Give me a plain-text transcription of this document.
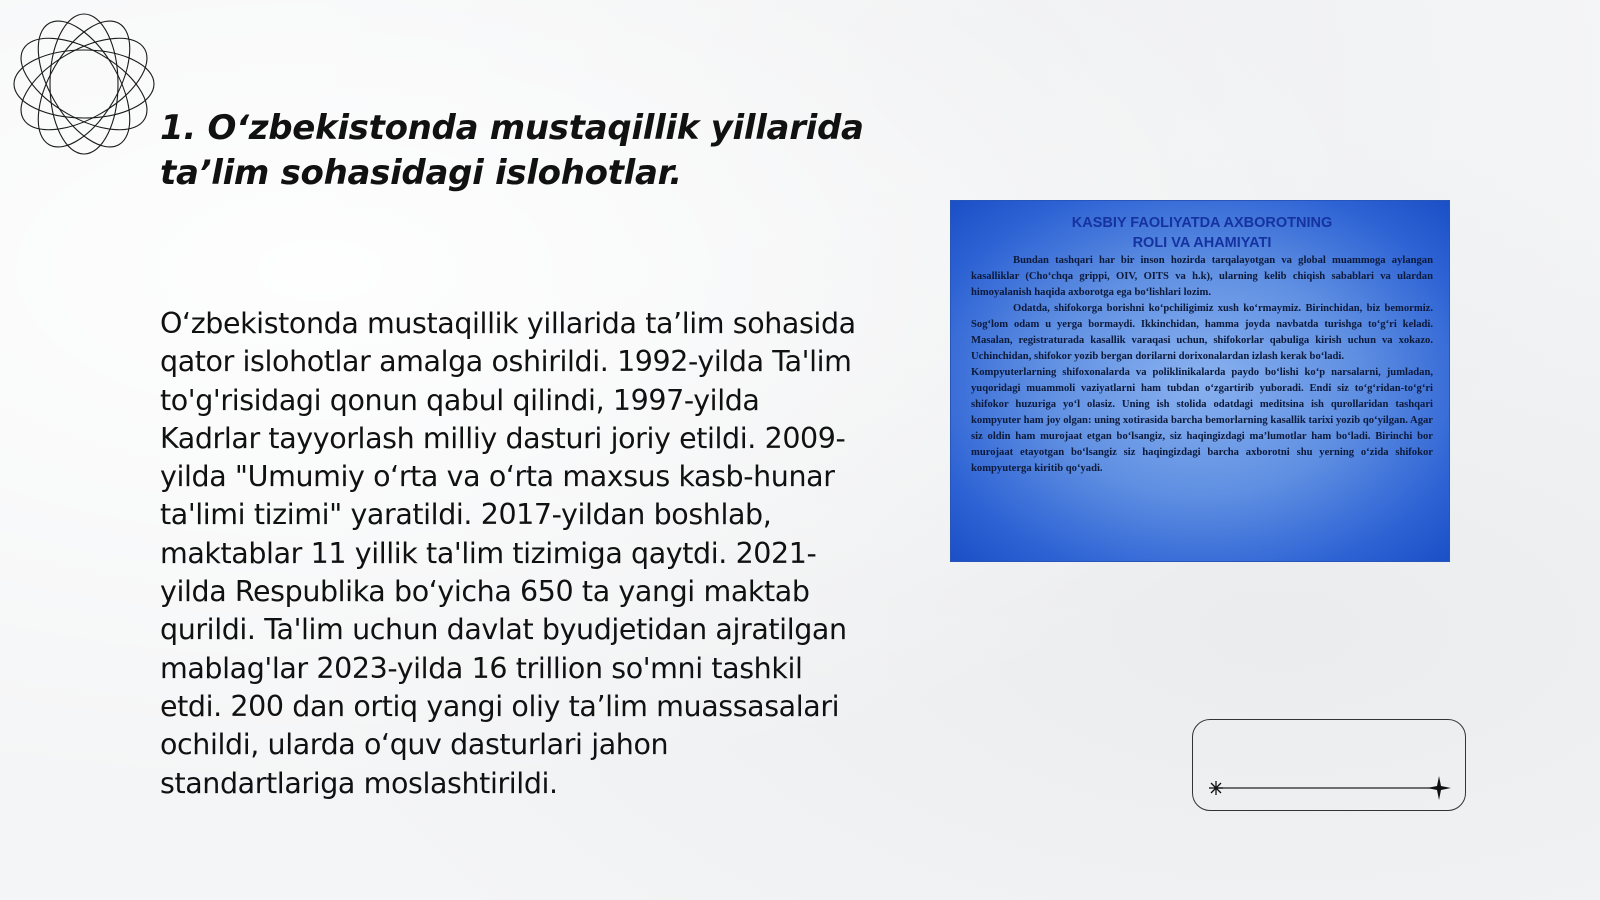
1. O‘zbekistonda mustaqillik yillarida ta’lim sohasidagi islohotlar.

O‘zbekistonda mustaqillik yillarida ta’lim sohasida qator islohotlar amalga oshirildi. 1992-yilda Ta'lim to'g'risidagi qonun qabul qilindi, 1997-yilda Kadrlar tayyorlash milliy dasturi joriy etildi. 2009-yilda "Umumiy o‘rta va o‘rta maxsus kasb-hunar ta'limi tizimi" yaratildi. 2017-yildan boshlab, maktablar 11 yillik ta'lim tizimiga qaytdi. 2021-yilda Respublika bo‘yicha 650 ta yangi maktab qurildi. Ta'lim uchun davlat byudjetidan ajratilgan mablag'lar 2023-yilda 16 trillion so'mni tashkil etdi. 200 dan ortiq yangi oliy ta’lim muassasalari ochildi, ularda o‘quv dasturlari jahon standartlariga moslashtirildi.

KASBIY FAOLIYATDA AXBOROTNING
ROLI VA AHAMIYATI

Bundan tashqari har bir inson hozirda tarqalayotgan va global muammoga aylangan kasalliklar (Cho‘chqa grippi, OIV, OITS va h.k), ularning kelib chiqish sabablari va ulardan himoyalanish haqida axborotga ega bo‘lishlari lozim.

Odatda, shifokorga borishni ko‘pchiligimiz xush ko‘rmaymiz. Birinchidan, biz bemormiz. Sog‘lom odam u yerga bormaydi. Ikkinchidan, hamma joyda navbatda turishga to‘g‘ri keladi. Masalan, registraturada kasallik varaqasi uchun, shifokorlar qabuliga kirish uchun va xokazo. Uchinchidan, shifokor yozib bergan dorilarni dorixonalardan izlash kerak bo‘ladi.

Kompyuterlarning shifoxonalarda va poliklinikalarda paydo bo‘lishi ko‘p narsalarni, jumladan, yuqoridagi muammoli vaziyatlarni ham tubdan o‘zgartirib yuboradi. Endi siz to‘g‘ridan-to‘g‘ri shifokor huzuriga yo‘l olasiz. Uning ish stolida odatdagi meditsina ish qurollaridan tashqari kompyuter ham joy olgan: uning xotirasida barcha bemorlarning kasallik tarixi yozib qo‘yilgan. Agar siz oldin ham murojaat etgan bo‘lsangiz, siz haqingizdagi ma’lumotlar ham bo‘ladi. Birinchi bor murojaat etayotgan bo‘lsangiz siz haqingizdagi barcha axborotni shu yerning o‘zida shifokor kompyuterga kiritib qo‘yadi.
